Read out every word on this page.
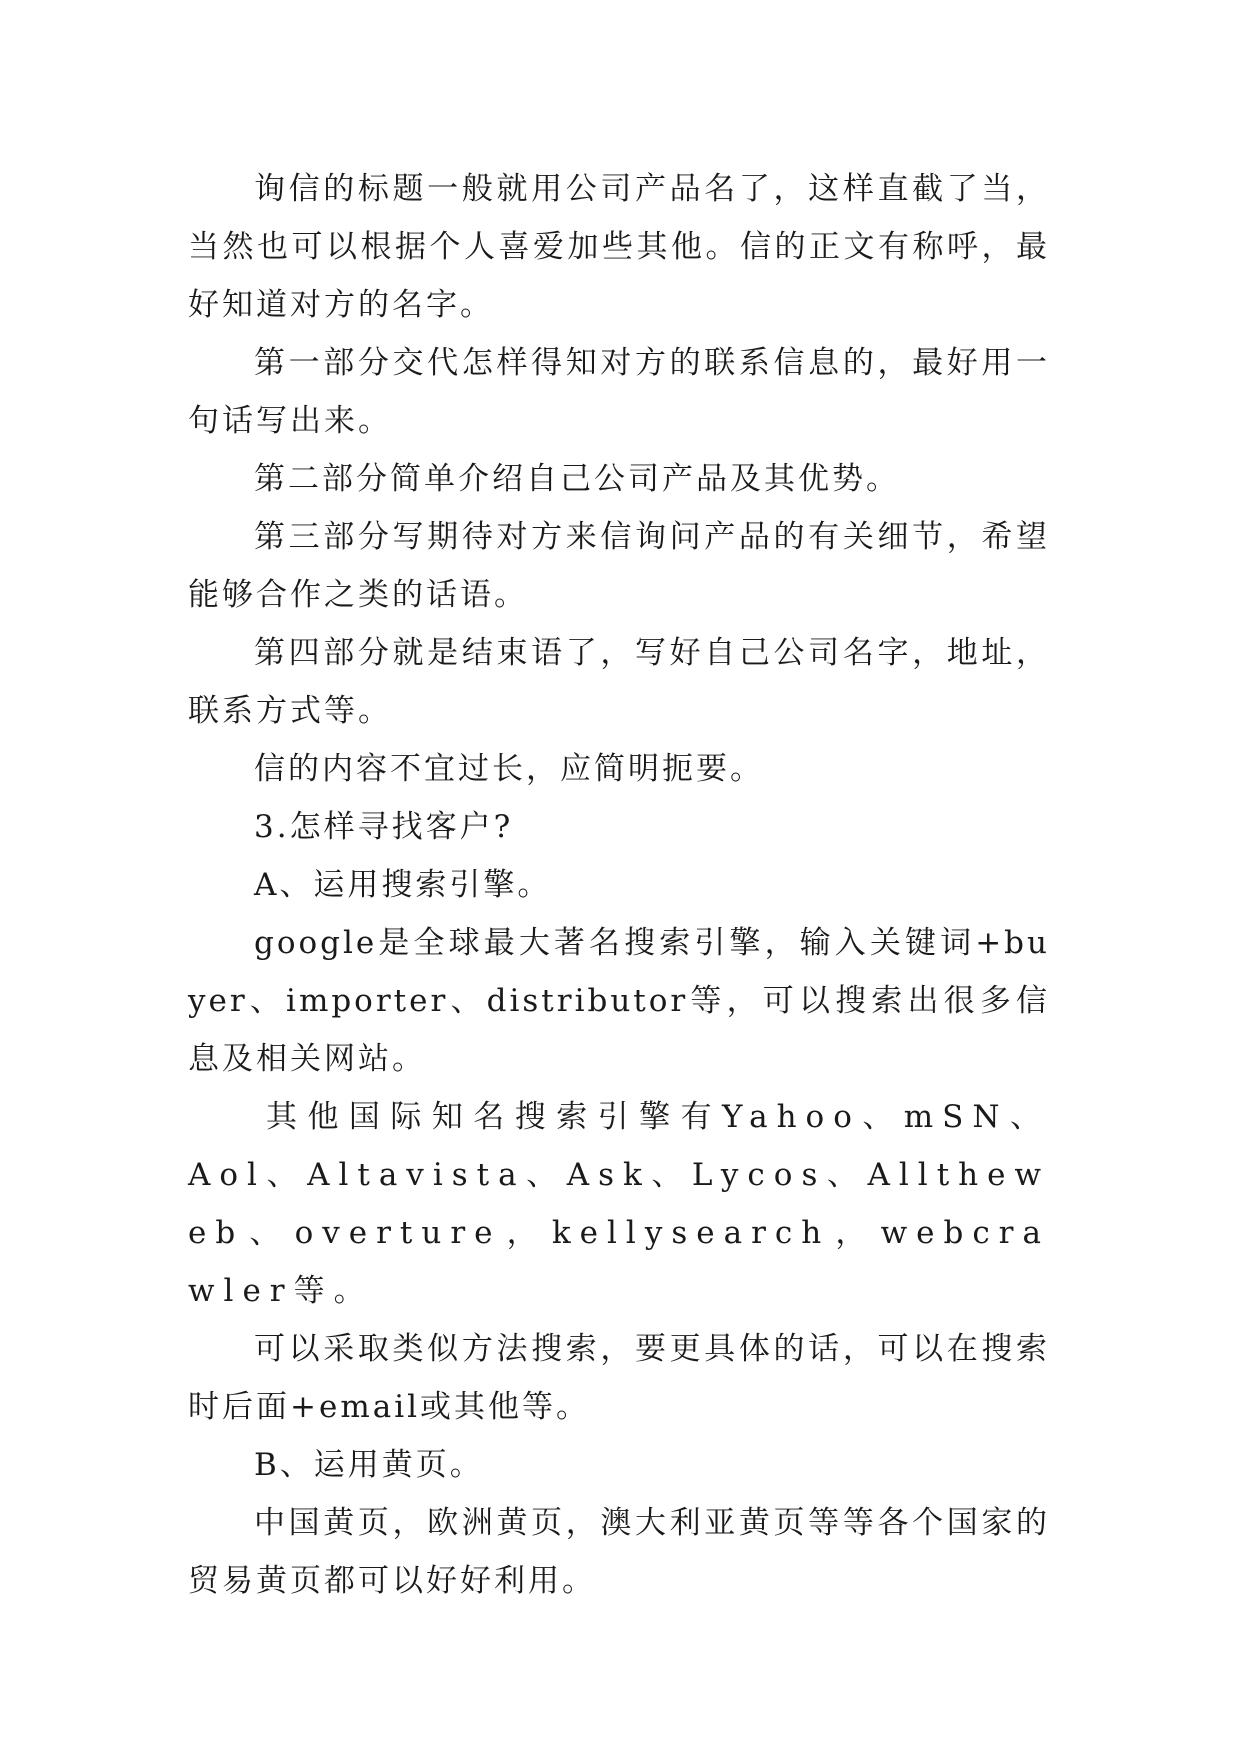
询信的标题一般就用公司产品名了，这样直截了当，当然也可以根据个人喜爱加些其他。信的正文有称呼，最好知道对方的名字。

第一部分交代怎样得知对方的联系信息的，最好用一句话写出来。

第二部分简单介绍自己公司产品及其优势。

第三部分写期待对方来信询问产品的有关细节，希望能够合作之类的话语。

第四部分就是结束语了，写好自己公司名字，地址，联系方式等。

信的内容不宜过长，应简明扼要。

3.怎样寻找客户?

A、运用搜索引擎。

google是全球最大著名搜索引擎，输入关键词+buyer、importer、distributor等，可以搜索出很多信息及相关网站。

其他国际知名搜索引擎有Yahoo、mSN、Aol、Altavista、Ask、Lycos、Alltheweb、overture，kellysearch，webcrawler等。

可以采取类似方法搜索，要更具体的话，可以在搜索时后面+email或其他等。

B、运用黄页。

中国黄页，欧洲黄页，澳大利亚黄页等等各个国家的贸易黄页都可以好好利用。
